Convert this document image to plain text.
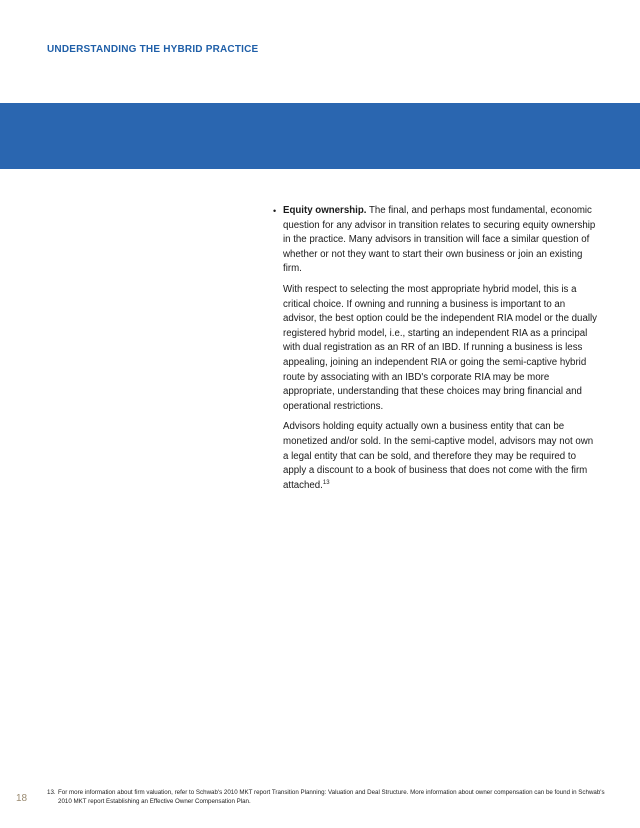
UNDERSTANDING THE HYBRID PRACTICE

• Equity ownership. The final, and perhaps most fundamental, economic question for any advisor in transition relates to securing equity ownership in the practice. Many advisors in transition will face a similar question of whether or not they want to start their own business or join an existing firm.

With respect to selecting the most appropriate hybrid model, this is a critical choice. If owning and running a business is important to an advisor, the best option could be the independent RIA model or the dually registered hybrid model, i.e., starting an independent RIA as a principal with dual registration as an RR of an IBD. If running a business is less appealing, joining an independent RIA or going the semi-captive hybrid route by associating with an IBD's corporate RIA may be more appropriate, understanding that these choices may bring financial and operational restrictions.

Advisors holding equity actually own a business entity that can be monetized and/or sold. In the semi-captive model, advisors may not own a legal entity that can be sold, and therefore they may be required to apply a discount to a book of business that does not come with the firm attached.$^{13}$

13. For more information about firm valuation, refer to Schwab's 2010 MKT report Transition Planning: Valuation and Deal Structure. More information about owner compensation can be found in Schwab's 2010 MKT report Establishing an Effective Owner Compensation Plan.
18
